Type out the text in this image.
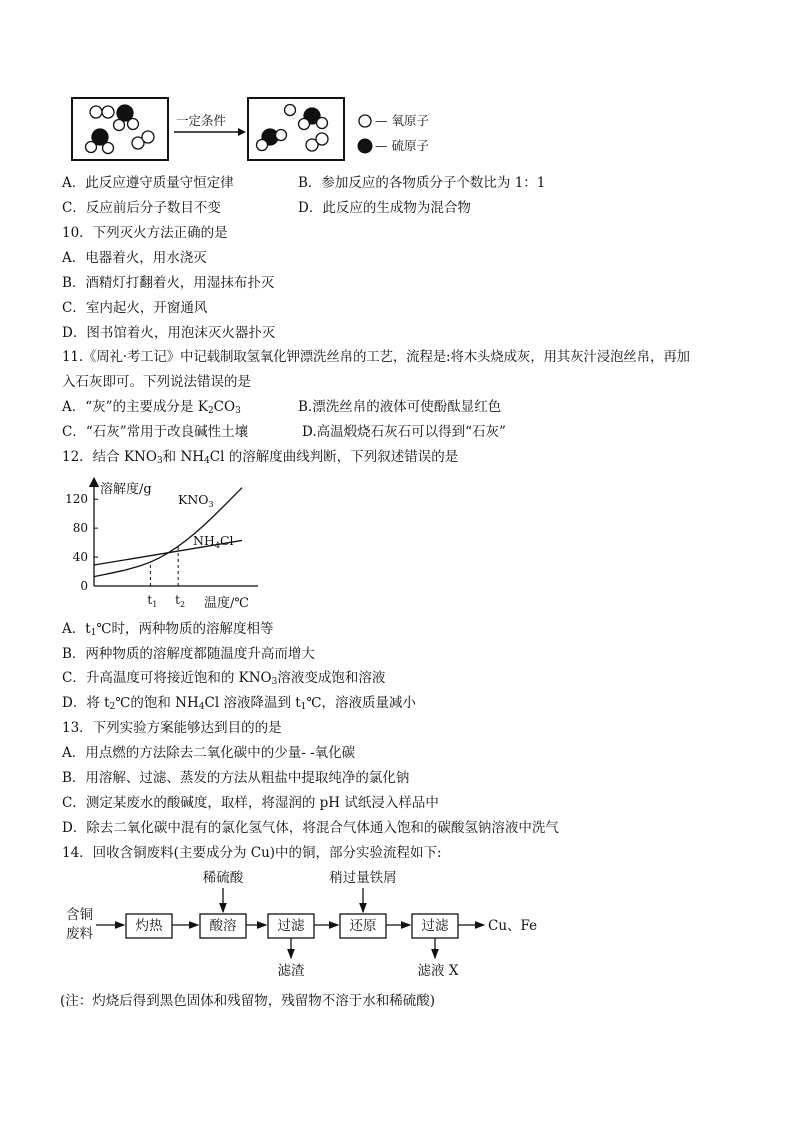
一定条件	— 氧原子
— 硫原子
A．此反应遵守质量守恒定律	B．参加反应的各物质分子个数比为 1：1
C．反应前后分子数目不变	D．此反应的生成物为混合物
10．下列灭火方法正确的是
A．电器着火，用水浇灭
B．酒精灯打翻着火，用湿抹布扑灭
C．室内起火，开窗通风
D．图书馆着火，用泡沫灭火器扑灭
11.《周礼·考工记》中记载制取氢氧化钾漂洗丝帛的工艺，流程是:将木头烧成灰，用其灰汁浸泡丝帛，再加
入石灰即可。下列说法错误的是
A．“灰”的主要成分是 $K_2CO_3$	B.漂洗丝帛的液体可使酚酞显红色
C．“石灰”常用于改良碱性土壤	D.高温煅烧石灰石可以得到“石灰”
12．结合 $KNO_3$和 $NH_4Cl$ 的溶解度曲线判断，下列叙述错误的是
溶解度/g
温度/℃
0
40
80
120
$t_1$ $t_2$
$KNO_3$
$NH_4Cl$
A．$t_1℃$时，两种物质的溶解度相等
B．两种物质的溶解度都随温度升高而增大
C．升高温度可将接近饱和的 $KNO_3$溶液变成饱和溶液
D．将 $t_2℃$的饱和 $NH_4Cl$ 溶液降温到 $t_1℃$，溶液质量减小
13．下列实验方案能够达到目的的是
A．用点燃的方法除去二氧化碳中的少量- -氧化碳
B．用溶解、过滤、蒸发的方法从粗盐中提取纯净的氯化钠
C．测定某废水的酸碱度，取样，将湿润的 pH 试纸浸入样品中
D．除去二氧化碳中混有的氯化氢气体，将混合气体通入饱和的碳酸氢钠溶液中洗气
14．回收含铜废料(主要成分为 Cu)中的铜，部分实验流程如下:
含铜
废料	灼热	酸溶	过滤	还原	过滤
稀硫酸	稍过量铁屑
滤渣	滤液 X
Cu、Fe
(注：灼烧后得到黑色固体和残留物，残留物不溶于水和稀硫酸)
